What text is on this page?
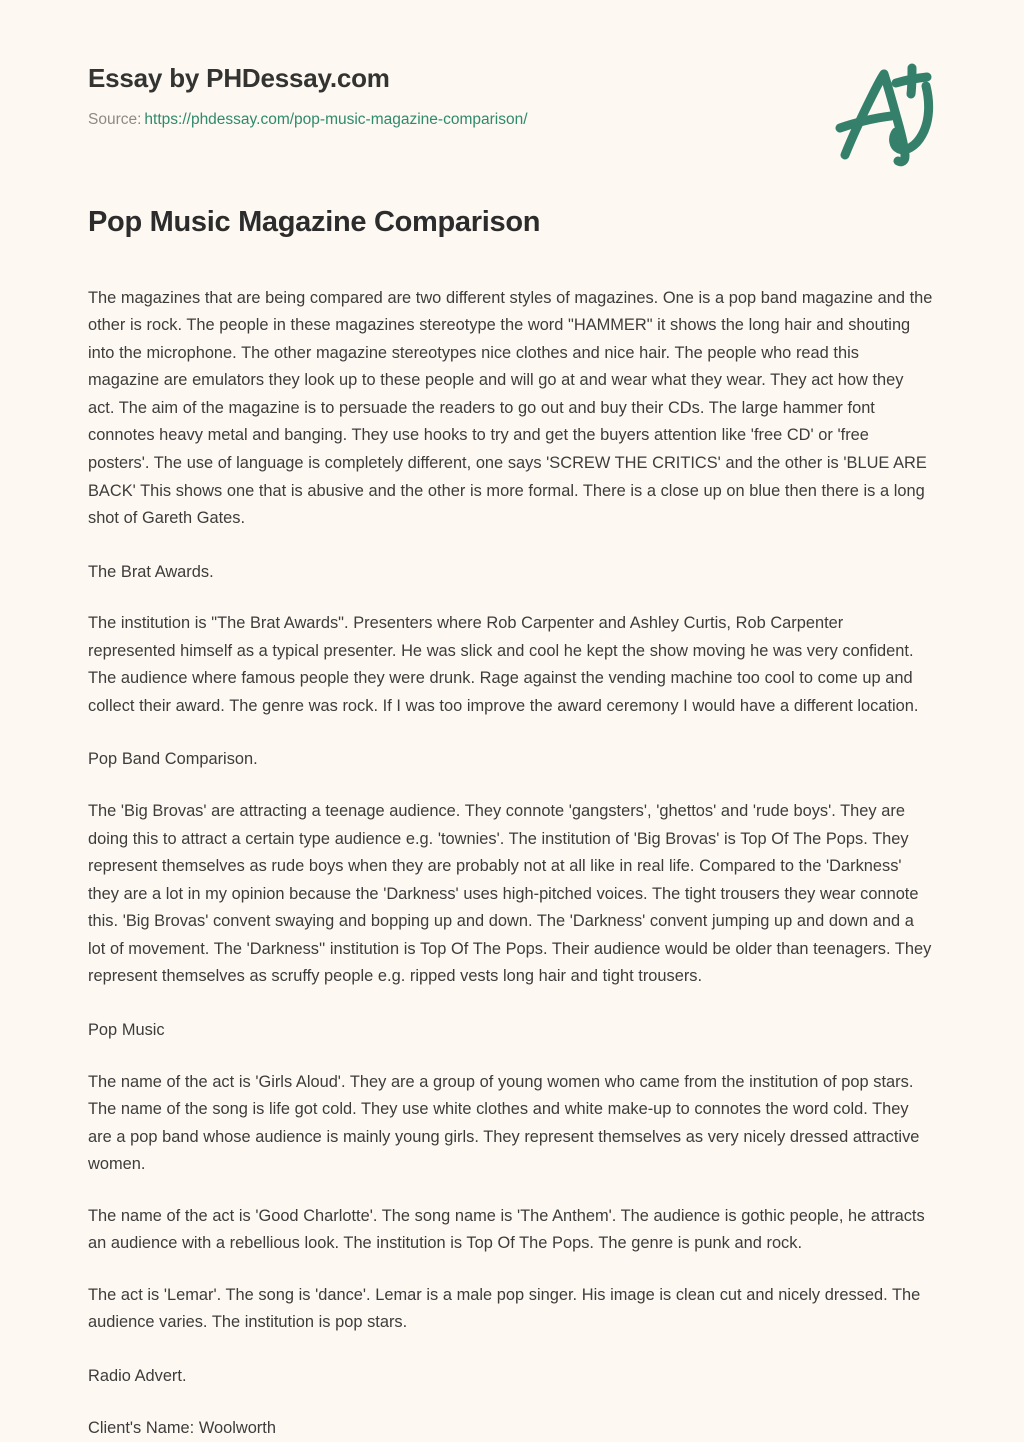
Essay by PHDessay.com
Source: https://phdessay.com/pop-music-magazine-comparison/
Pop Music Magazine Comparison

The magazines that are being compared are two different styles of magazines. One is a pop band magazine and the other is rock. The people in these magazines stereotype the word "HAMMER" it shows the long hair and shouting into the microphone. The other magazine stereotypes nice clothes and nice hair. The people who read this magazine are emulators they look up to these people and will go at and wear what they wear. They act how they act. The aim of the magazine is to persuade the readers to go out and buy their CDs. The large hammer font connotes heavy metal and banging. They use hooks to try and get the buyers attention like 'free CD' or 'free posters'. The use of language is completely different, one says 'SCREW THE CRITICS' and the other is 'BLUE ARE BACK' This shows one that is abusive and the other is more formal. There is a close up on blue then there is a long shot of Gareth Gates.

The Brat Awards.

The institution is "The Brat Awards". Presenters where Rob Carpenter and Ashley Curtis, Rob Carpenter represented himself as a typical presenter. He was slick and cool he kept the show moving he was very confident. The audience where famous people they were drunk. Rage against the vending machine too cool to come up and collect their award. The genre was rock. If I was too improve the award ceremony I would have a different location.

Pop Band Comparison.

The 'Big Brovas' are attracting a teenage audience. They connote 'gangsters', 'ghettos' and 'rude boys'. They are doing this to attract a certain type audience e.g. 'townies'. The institution of 'Big Brovas' is Top Of The Pops. They represent themselves as rude boys when they are probably not at all like in real life. Compared to the 'Darkness' they are a lot in my opinion because the 'Darkness' uses high-pitched voices. The tight trousers they wear connote this. 'Big Brovas' convent swaying and bopping up and down. The 'Darkness' convent jumping up and down and a lot of movement. The 'Darkness'' institution is Top Of The Pops. Their audience would be older than teenagers. They represent themselves as scruffy people e.g. ripped vests long hair and tight trousers.

Pop Music

The name of the act is 'Girls Aloud'. They are a group of young women who came from the institution of pop stars. The name of the song is life got cold. They use white clothes and white make-up to connotes the word cold. They are a pop band whose audience is mainly young girls. They represent themselves as very nicely dressed attractive women.

The name of the act is 'Good Charlotte'. The song name is 'The Anthem'. The audience is gothic people, he attracts an audience with a rebellious look. The institution is Top Of The Pops. The genre is punk and rock.

The act is 'Lemar'. The song is 'dance'. Lemar is a male pop singer. His image is clean cut and nicely dressed. The audience varies. The institution is pop stars.

Radio Advert.

Client's Name: Woolworth
